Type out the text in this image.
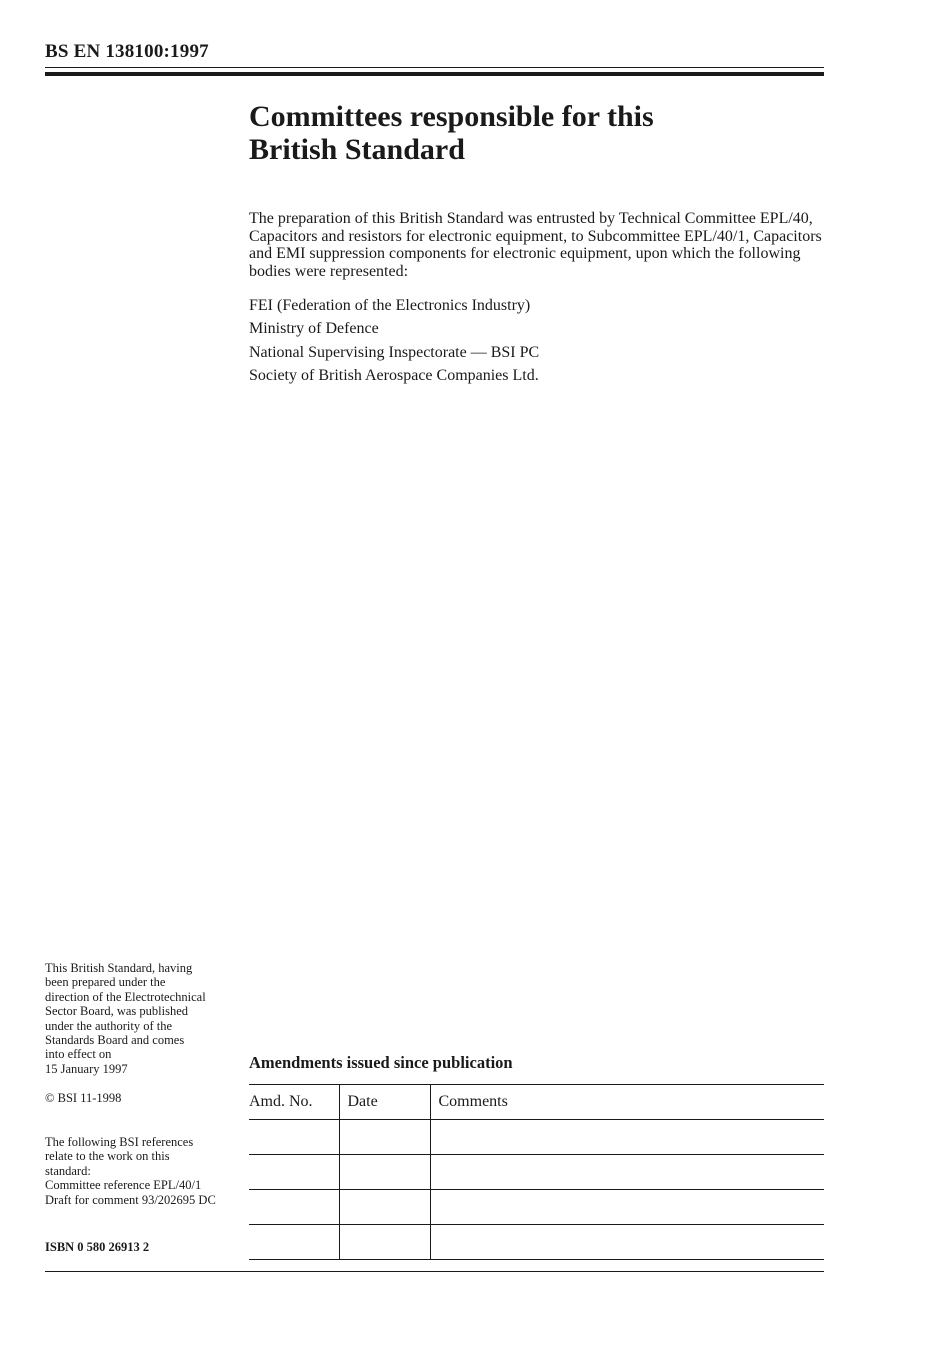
BS EN 138100:1997
Committees responsible for this
British Standard

The preparation of this British Standard was entrusted by Technical Committee EPL/40, Capacitors and resistors for electronic equipment, to Subcommittee EPL/40/1, Capacitors and EMI suppression components for electronic equipment, upon which the following bodies were represented:

FEI (Federation of the Electronics Industry)
Ministry of Defence
National Supervising Inspectorate — BSI PC
Society of British Aerospace Companies Ltd.
This British Standard, having
been prepared under the
direction of the Electrotechnical
Sector Board, was published
under the authority of the
Standards Board and comes
into effect on
15 January 1997
© BSI 11-1998
The following BSI references
relate to the work on this
standard:
Committee reference EPL/40/1
Draft for comment 93/202695 DC
ISBN 0 580 26913 2
Amendments issued since publication
Amd. No.	Date	Comments
